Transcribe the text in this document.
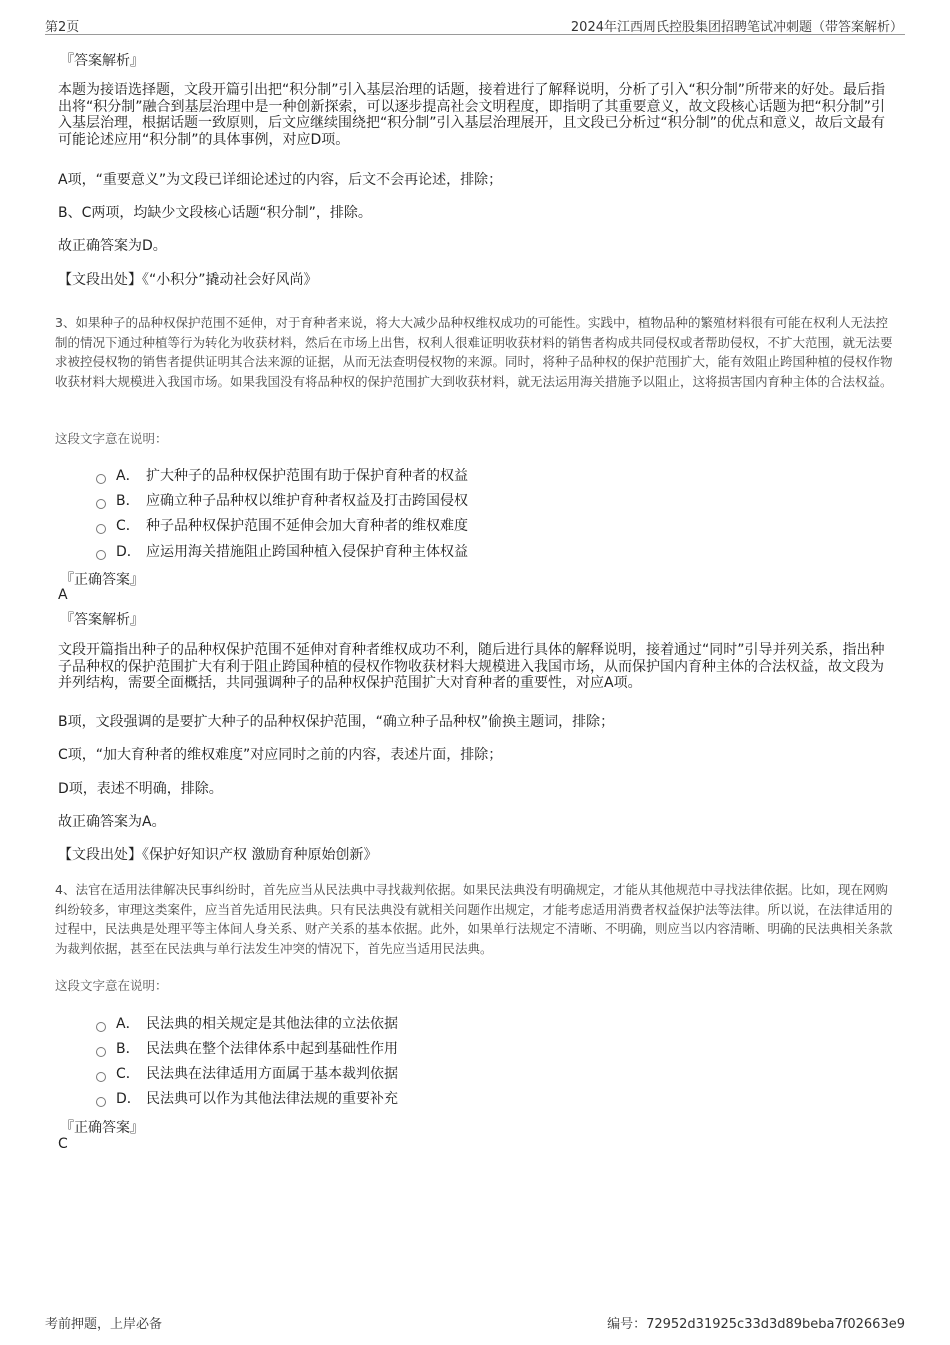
第2页	2024年江西周氏控股集团招聘笔试冲刺题（带答案解析）
『答案解析』

本题为接语选择题，文段开篇引出把“积分制”引入基层治理的话题，接着进行了解释说明，分析了引入“积分制”所带来的好处。最后指出将“积分制”融合到基层治理中是一种创新探索，可以逐步提高社会文明程度，即指明了其重要意义，故文段核心话题为把“积分制”引入基层治理，根据话题一致原则，后文应继续围绕把“积分制”引入基层治理展开，且文段已分析过“积分制”的优点和意义，故后文最有可能论述应用“积分制”的具体事例，对应D项。

A项，“重要意义”为文段已详细论述过的内容，后文不会再论述，排除；

B、C两项，均缺少文段核心话题“积分制”，排除。

故正确答案为D。

【文段出处】《“小积分”撬动社会好风尚》

3、如果种子的品种权保护范围不延伸，对于育种者来说，将大大减少品种权维权成功的可能性。实践中，植物品种的繁殖材料很有可能在权利人无法控制的情况下通过种植等行为转化为收获材料，然后在市场上出售，权利人很难证明收获材料的销售者构成共同侵权或者帮助侵权，不扩大范围，就无法要求被控侵权物的销售者提供证明其合法来源的证据，从而无法查明侵权物的来源。同时，将种子品种权的保护范围扩大，能有效阻止跨国种植的侵权作物收获材料大规模进入我国市场。如果我国没有将品种权的保护范围扩大到收获材料，就无法运用海关措施予以阻止，这将损害国内育种主体的合法权益。

这段文字意在说明：

A． 扩大种子的品种权保护范围有助于保护育种者的权益
B． 应确立种子品种权以维护育种者权益及打击跨国侵权
C． 种子品种权保护范围不延伸会加大育种者的维权难度
D． 应运用海关措施阻止跨国种植入侵保护育种主体权益
『正确答案』
A
『答案解析』

文段开篇指出种子的品种权保护范围不延伸对育种者维权成功不利，随后进行具体的解释说明，接着通过“同时”引导并列关系，指出种子品种权的保护范围扩大有利于阻止跨国种植的侵权作物收获材料大规模进入我国市场，从而保护国内育种主体的合法权益，故文段为并列结构，需要全面概括，共同强调种子的品种权保护范围扩大对育种者的重要性，对应A项。

B项，文段强调的是要扩大种子的品种权保护范围，“确立种子品种权”偷换主题词，排除；

C项，“加大育种者的维权难度”对应同时之前的内容，表述片面，排除；

D项，表述不明确，排除。

故正确答案为A。

【文段出处】《保护好知识产权 激励育种原始创新》

4、法官在适用法律解决民事纠纷时，首先应当从民法典中寻找裁判依据。如果民法典没有明确规定，才能从其他规范中寻找法律依据。比如，现在网购纠纷较多，审理这类案件，应当首先适用民法典。只有民法典没有就相关问题作出规定，才能考虑适用消费者权益保护法等法律。所以说，在法律适用的过程中，民法典是处理平等主体间人身关系、财产关系的基本依据。此外，如果单行法规定不清晰、不明确，则应当以内容清晰、明确的民法典相关条款为裁判依据，甚至在民法典与单行法发生冲突的情况下，首先应当适用民法典。

这段文字意在说明：

A． 民法典的相关规定是其他法律的立法依据
B． 民法典在整个法律体系中起到基础性作用
C． 民法典在法律适用方面属于基本裁判依据
D． 民法典可以作为其他法律法规的重要补充
『正确答案』
C
考前押题，上岸必备	编号：72952d31925c33d3d89beba7f02663e9
